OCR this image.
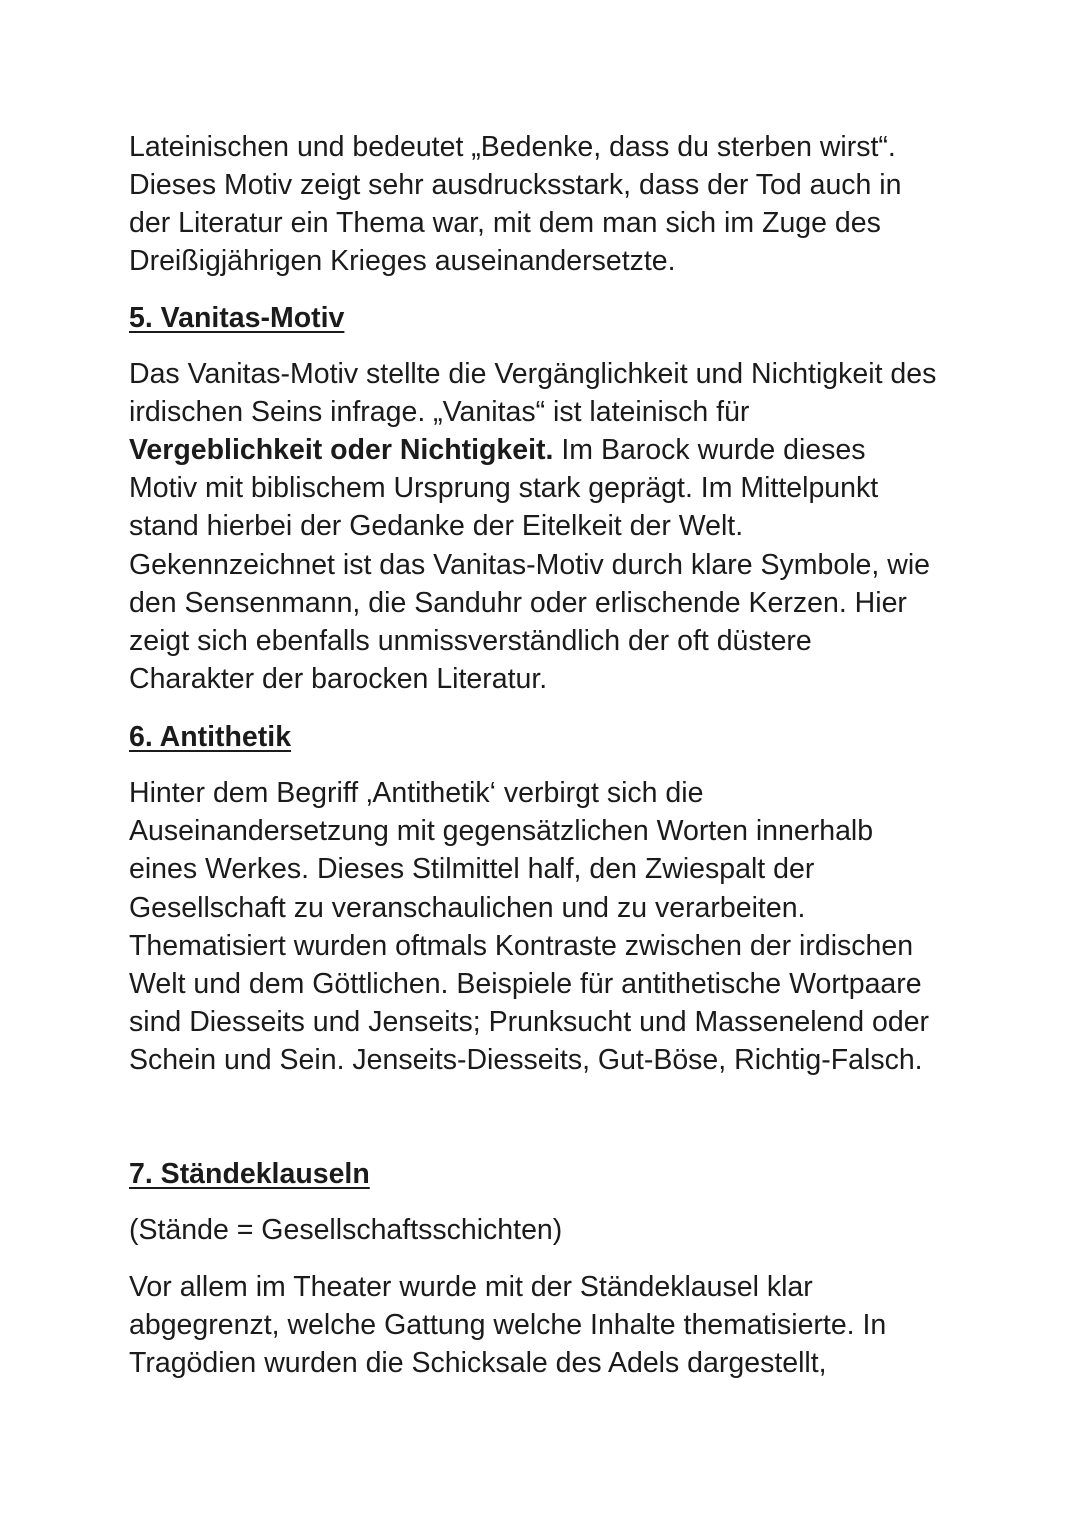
Lateinischen und bedeutet „Bedenke, dass du sterben wirst“.
Dieses Motiv zeigt sehr ausdrucksstark, dass der Tod auch in
der Literatur ein Thema war, mit dem man sich im Zuge des
Dreißigjährigen Krieges auseinandersetzte.
5. Vanitas-Motiv
Das Vanitas-Motiv stellte die Vergänglichkeit und Nichtigkeit des
irdischen Seins infrage. „Vanitas“ ist lateinisch für
Vergeblichkeit oder Nichtigkeit. Im Barock wurde dieses
Motiv mit biblischem Ursprung stark geprägt. Im Mittelpunkt
stand hierbei der Gedanke der Eitelkeit der Welt.
Gekennzeichnet ist das Vanitas-Motiv durch klare Symbole, wie
den Sensenmann, die Sanduhr oder erlischende Kerzen. Hier
zeigt sich ebenfalls unmissverständlich der oft düstere
Charakter der barocken Literatur.
6. Antithetik
Hinter dem Begriff ‚Antithetik‘ verbirgt sich die
Auseinandersetzung mit gegensätzlichen Worten innerhalb
eines Werkes. Dieses Stilmittel half, den Zwiespalt der
Gesellschaft zu veranschaulichen und zu verarbeiten.
Thematisiert wurden oftmals Kontraste zwischen der irdischen
Welt und dem Göttlichen. Beispiele für antithetische Wortpaare
sind Diesseits und Jenseits; Prunksucht und Massenelend oder
Schein und Sein. Jenseits-Diesseits, Gut-Böse, Richtig-Falsch.
7. Ständeklauseln
(Stände = Gesellschaftsschichten)
Vor allem im Theater wurde mit der Ständeklausel klar
abgegrenzt, welche Gattung welche Inhalte thematisierte. In
Tragödien wurden die Schicksale des Adels dargestellt,
